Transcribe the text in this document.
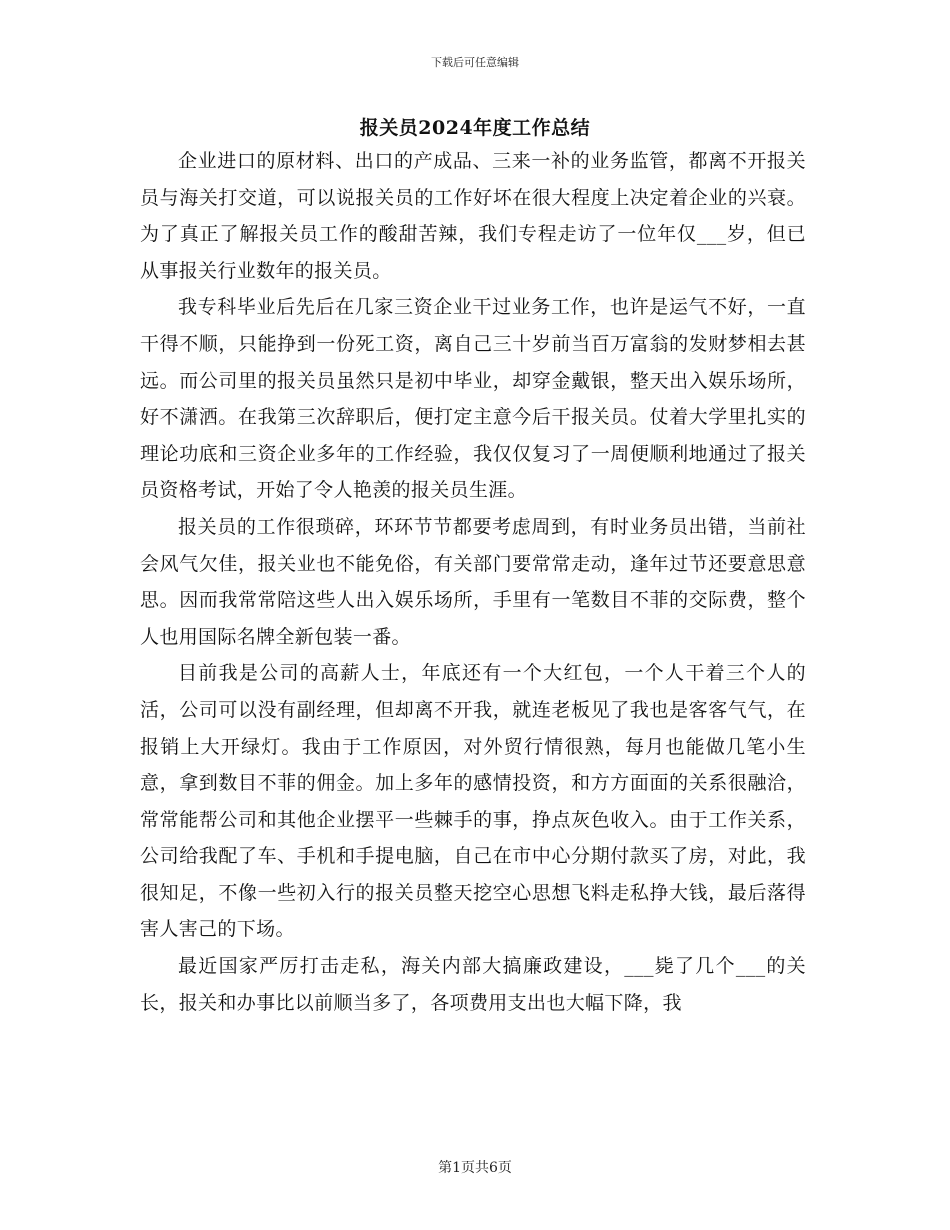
下载后可任意编辑
报关员2024年度工作总结

企业进口的原材料、出口的产成品、三来一补的业务监管，都离不开报关员与海关打交道，可以说报关员的工作好坏在很大程度上决定着企业的兴衰。为了真正了解报关员工作的酸甜苦辣，我们专程走访了一位年仅___岁，但已从事报关行业数年的报关员。

我专科毕业后先后在几家三资企业干过业务工作，也许是运气不好，一直干得不顺，只能挣到一份死工资，离自己三十岁前当百万富翁的发财梦相去甚远。而公司里的报关员虽然只是初中毕业，却穿金戴银，整天出入娱乐场所，好不潇洒。在我第三次辞职后，便打定主意今后干报关员。仗着大学里扎实的理论功底和三资企业多年的工作经验，我仅仅复习了一周便顺利地通过了报关员资格考试，开始了令人艳羡的报关员生涯。

报关员的工作很琐碎，环环节节都要考虑周到，有时业务员出错，当前社会风气欠佳，报关业也不能免俗，有关部门要常常走动，逢年过节还要意思意思。因而我常常陪这些人出入娱乐场所，手里有一笔数目不菲的交际费，整个人也用国际名牌全新包装一番。

目前我是公司的高薪人士，年底还有一个大红包，一个人干着三个人的活，公司可以没有副经理，但却离不开我，就连老板见了我也是客客气气，在报销上大开绿灯。我由于工作原因，对外贸行情很熟，每月也能做几笔小生意，拿到数目不菲的佣金。加上多年的感情投资，和方方面面的关系很融洽，常常能帮公司和其他企业摆平一些棘手的事，挣点灰色收入。由于工作关系，公司给我配了车、手机和手提电脑，自己在市中心分期付款买了房，对此，我很知足，不像一些初入行的报关员整天挖空心思想飞料走私挣大钱，最后落得害人害己的下场。

最近国家严厉打击走私，海关内部大搞廉政建设，___毙了几个___的关长，报关和办事比以前顺当多了，各项费用支出也大幅下降，我

第1页共6页
